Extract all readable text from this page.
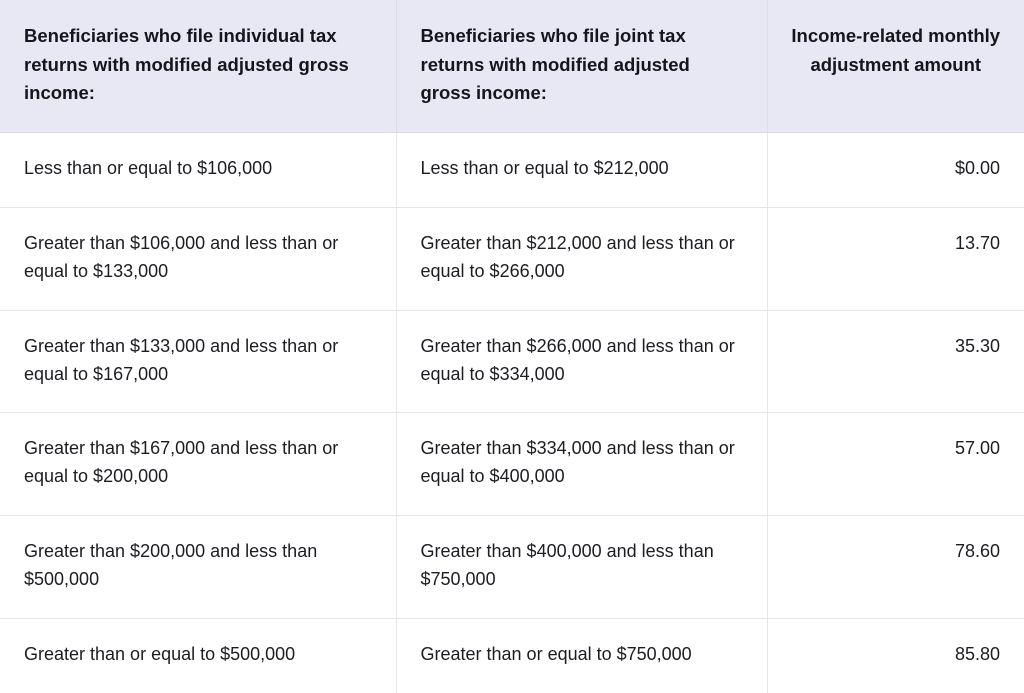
Beneficiaries who file individual tax returns with modified adjusted gross income:	Beneficiaries who file joint tax returns with modified adjusted gross income:	Income-related monthly adjustment amount
Less than or equal to $106,000	Less than or equal to $212,000	$0.00
Greater than $106,000 and less than or equal to $133,000	Greater than $212,000 and less than or equal to $266,000	13.70
Greater than $133,000 and less than or equal to $167,000	Greater than $266,000 and less than or equal to $334,000	35.30
Greater than $167,000 and less than or equal to $200,000	Greater than $334,000 and less than or equal to $400,000	57.00
Greater than $200,000 and less than $500,000	Greater than $400,000 and less than $750,000	78.60
Greater than or equal to $500,000	Greater than or equal to $750,000	85.80
